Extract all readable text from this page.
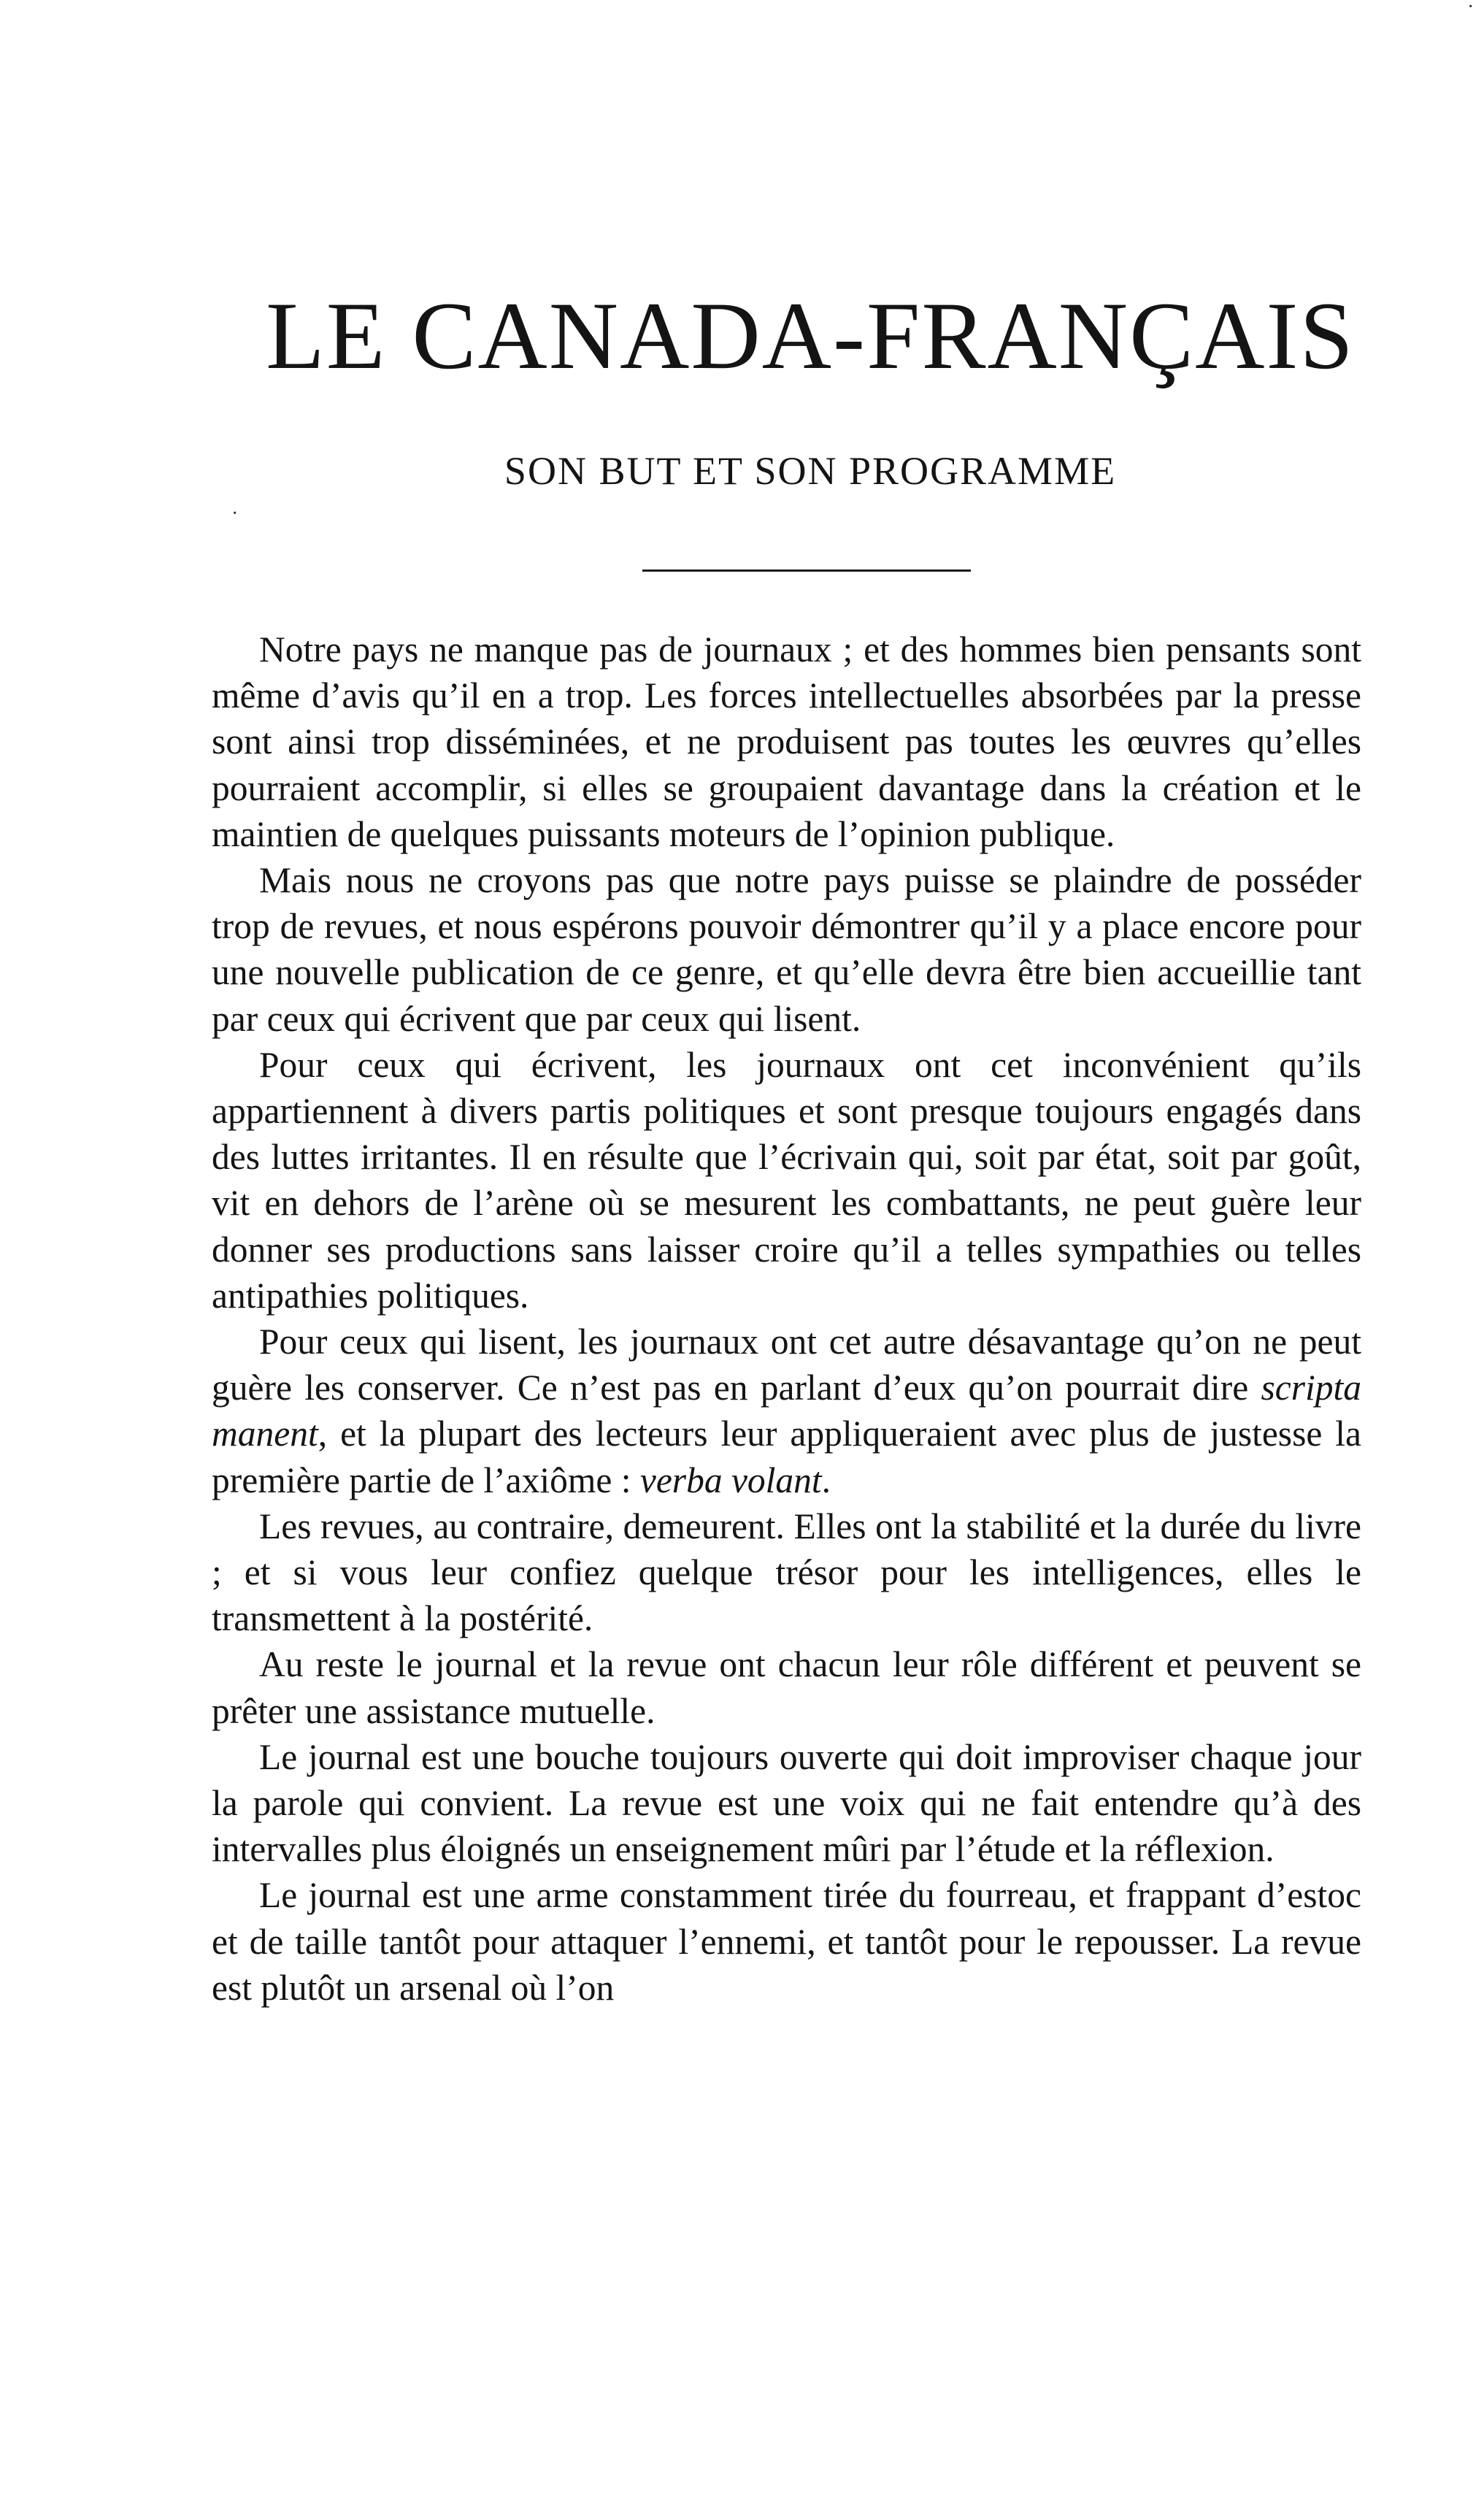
·
·
LE CANADA-FRANÇAIS
SON BUT ET SON PROGRAMME

Notre pays ne manque pas de journaux ; et des hommes bien pensants sont même d’avis qu’il en a trop. Les forces intellectuelles absorbées par la presse sont ainsi trop disséminées, et ne produisent pas toutes les œuvres qu’elles pourraient accomplir, si elles se groupaient davantage dans la création et le maintien de quelques puissants moteurs de l’opinion publique.

Mais nous ne croyons pas que notre pays puisse se plaindre de posséder trop de revues, et nous espérons pouvoir démontrer qu’il y a place encore pour une nouvelle publication de ce genre, et qu’elle devra être bien accueillie tant par ceux qui écrivent que par ceux qui lisent.

Pour ceux qui écrivent, les journaux ont cet inconvénient qu’ils appartiennent à divers partis politiques et sont presque toujours engagés dans des luttes irritantes. Il en résulte que l’écrivain qui, soit par état, soit par goût, vit en dehors de l’arène où se mesurent les combattants, ne peut guère leur donner ses productions sans laisser croire qu’il a telles sympathies ou telles antipathies politiques.

Pour ceux qui lisent, les journaux ont cet autre désavantage qu’on ne peut guère les conserver. Ce n’est pas en parlant d’eux qu’on pourrait dire scripta manent, et la plupart des lecteurs leur appliqueraient avec plus de justesse la première partie de l’axiôme : verba volant.

Les revues, au contraire, demeurent. Elles ont la stabilité et la durée du livre ; et si vous leur confiez quelque trésor pour les intelligences, elles le transmettent à la postérité.

Au reste le journal et la revue ont chacun leur rôle différent et peuvent se prêter une assistance mutuelle.

Le journal est une bouche toujours ouverte qui doit improviser chaque jour la parole qui convient. La revue est une voix qui ne fait entendre qu’à des intervalles plus éloignés un enseignement mûri par l’étude et la réflexion.

Le journal est une arme constamment tirée du fourreau, et frappant d’estoc et de taille tantôt pour attaquer l’ennemi, et tantôt pour le repousser. La revue est plutôt un arsenal où l’on
